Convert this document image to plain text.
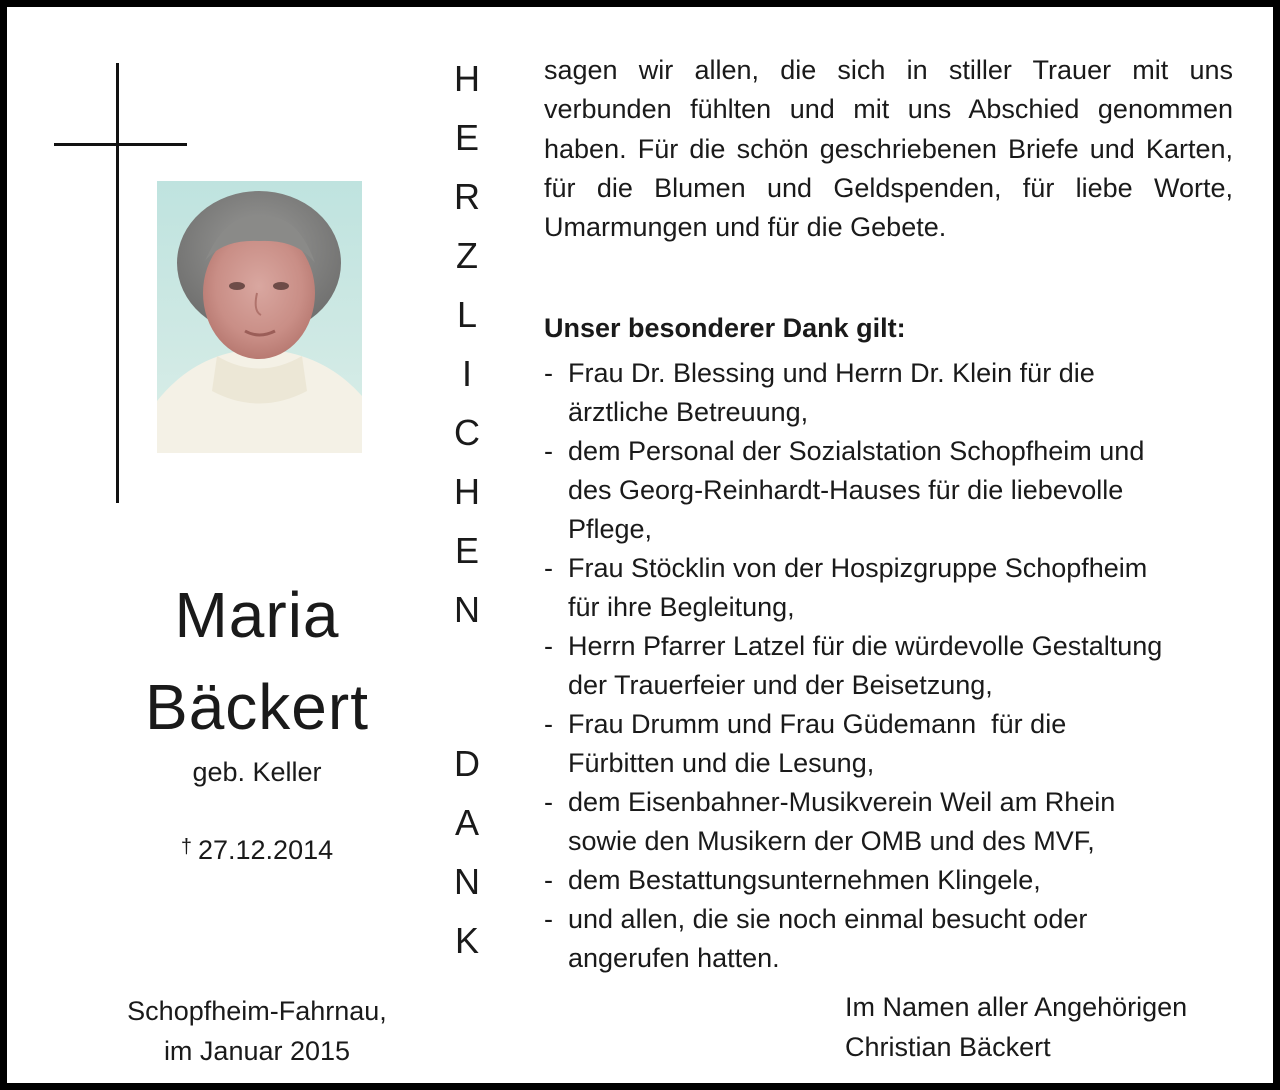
Maria
Bäckert
geb. Keller
† 27.12.2014
Schopfheim-Fahrnau,
im Januar 2015
H
E
R
Z
L
I
C
H
E
N
D
A
N
K
sagen wir allen, die sich in stiller Trauer mit uns verbunden fühlten und mit uns Abschied genommen haben. Für die schön geschriebenen Briefe und Karten, für die Blumen und Geldspenden, für liebe Worte, Umarmungen und für die Gebete.
Unser besonderer Dank gilt:
- Frau Dr. Blessing und Herrn Dr. Klein für die
ärztliche Betreuung,
- dem Personal der Sozialstation Schopfheim und
des Georg-Reinhardt-Hauses für die liebevolle
Pflege,
- Frau Stöcklin von der Hospizgruppe Schopfheim
für ihre Begleitung,
- Herrn Pfarrer Latzel für die würdevolle Gestaltung
der Trauerfeier und der Beisetzung,
- Frau Drumm und Frau Güdemann  für die
Fürbitten und die Lesung,
- dem Eisenbahner-Musikverein Weil am Rhein
sowie den Musikern der OMB und des MVF,
- dem Bestattungsunternehmen Klingele,
- und allen, die sie noch einmal besucht oder
angerufen hatten.
Im Namen aller Angehörigen
Christian Bäckert
